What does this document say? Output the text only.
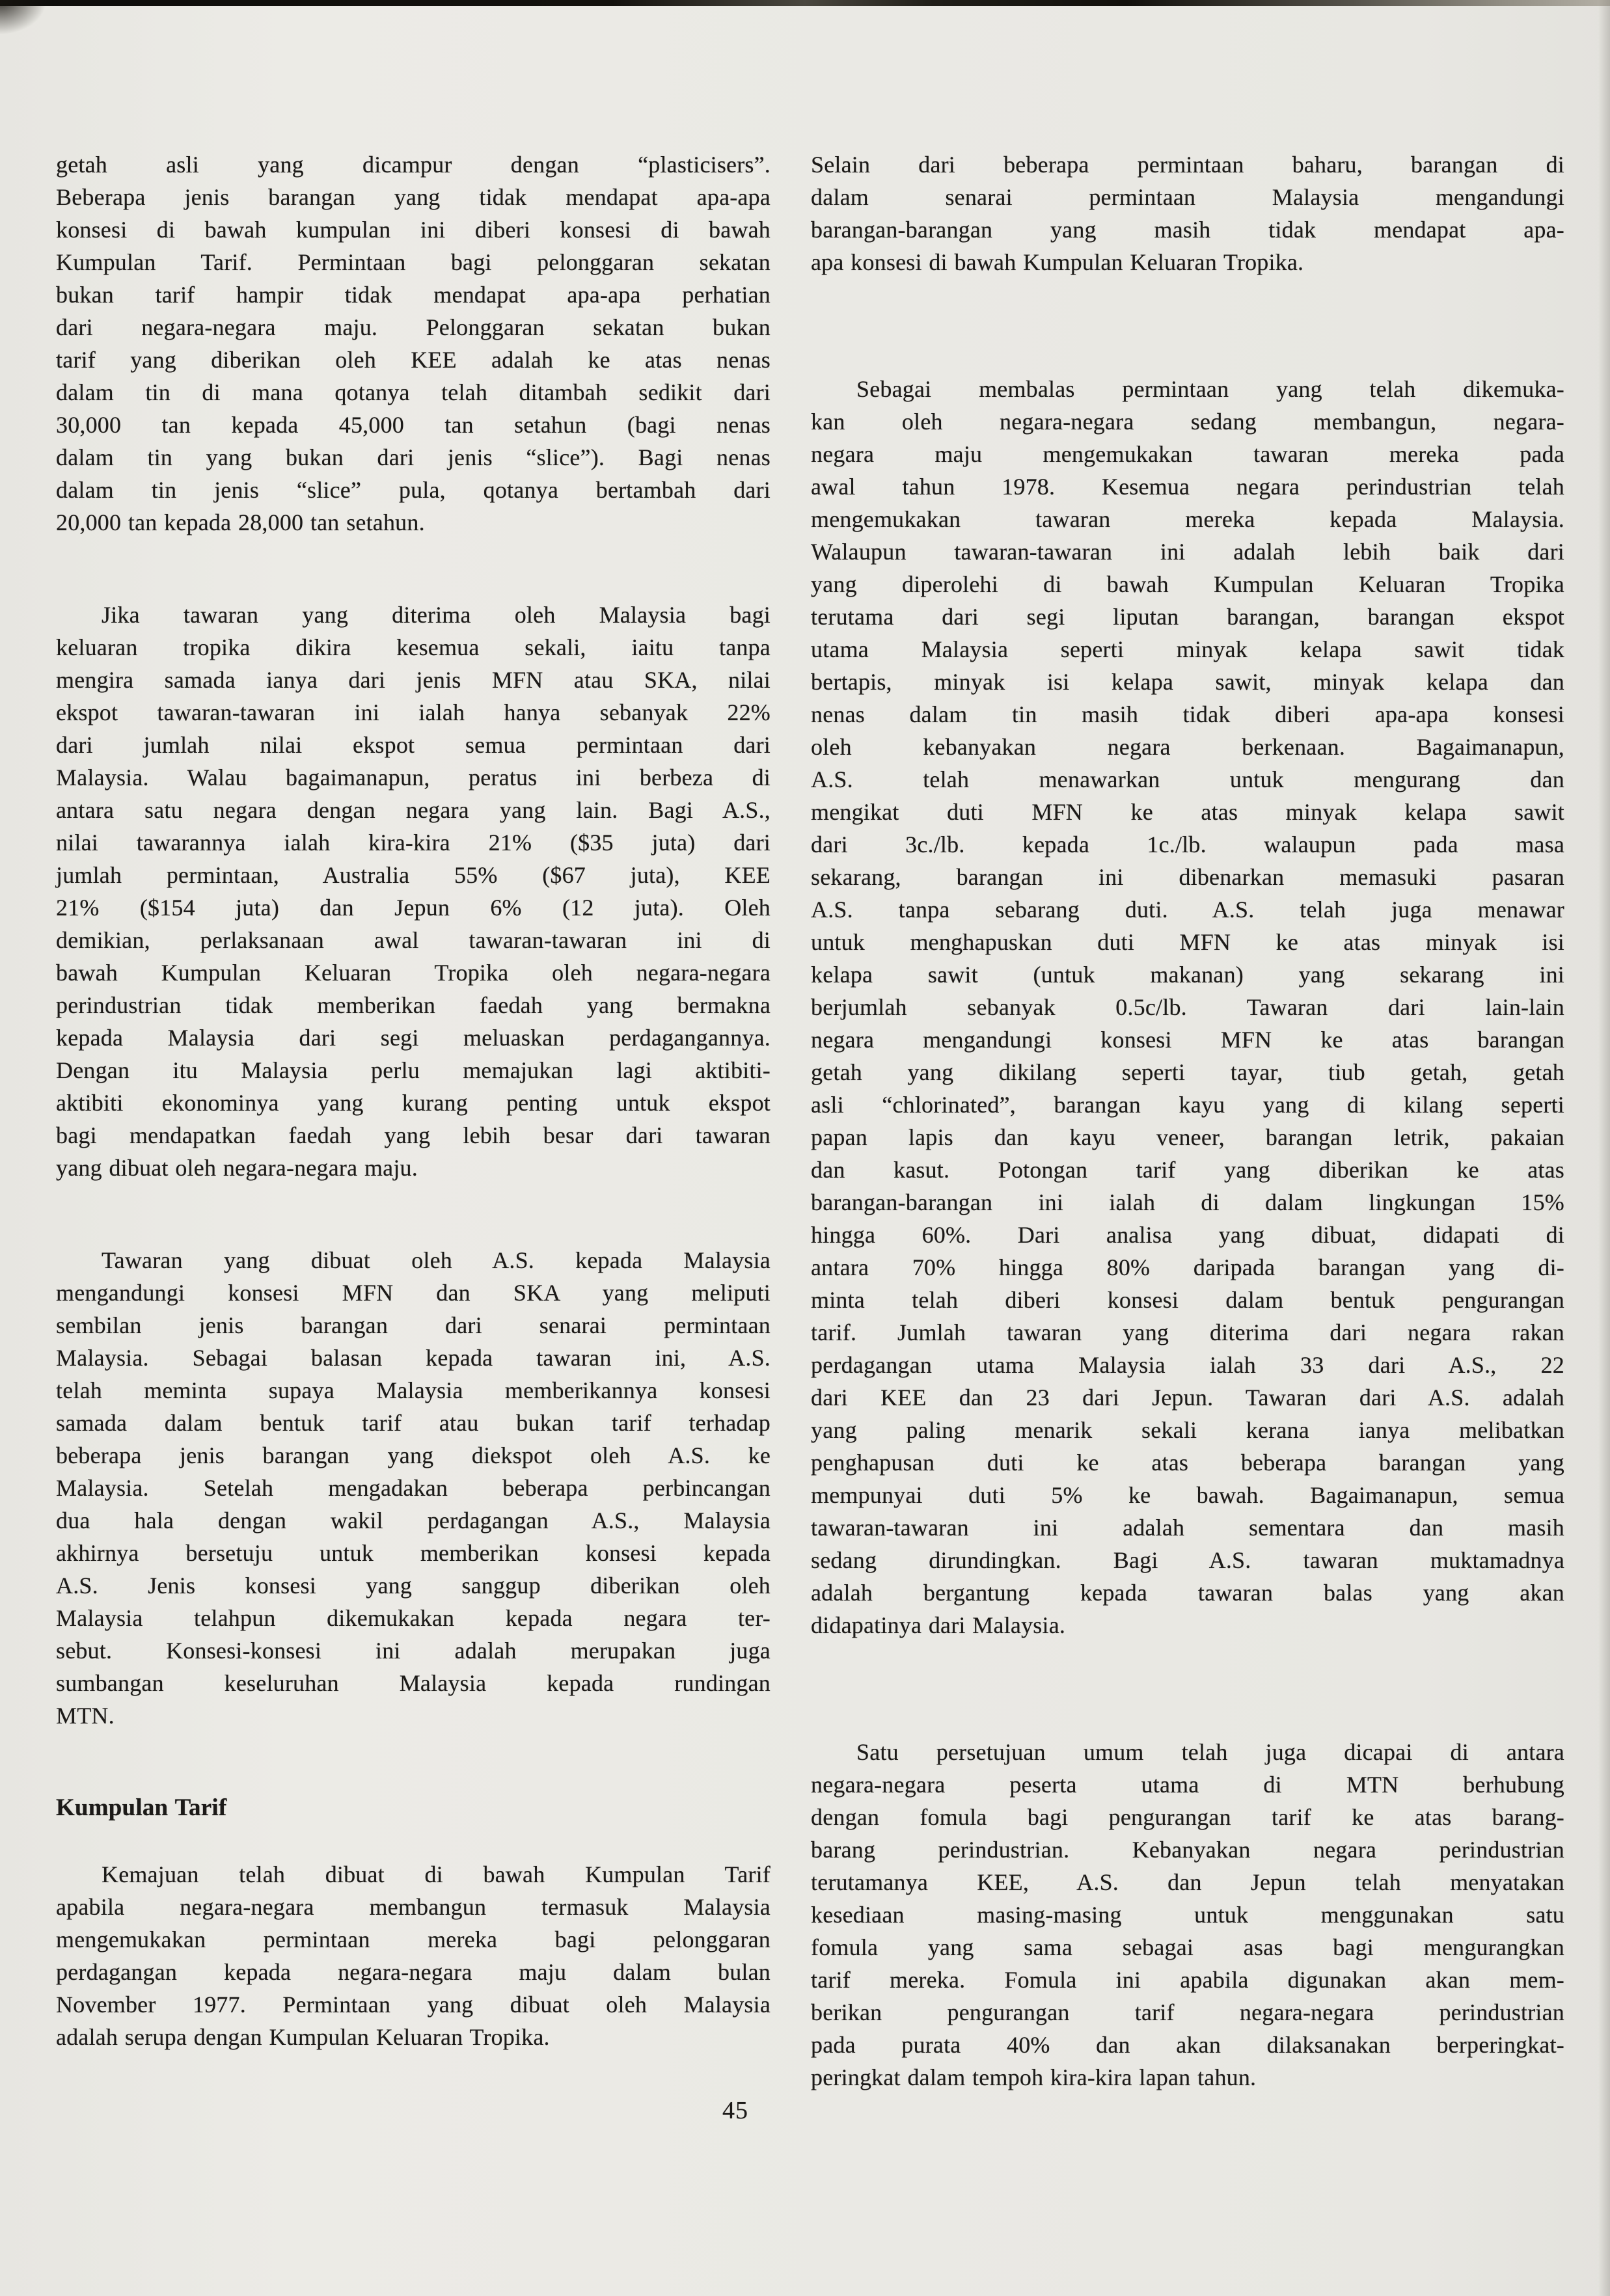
getah asli yang dicampur dengan “plasticisers”.
Beberapa jenis barangan yang tidak mendapat apa-apa
konsesi di bawah kumpulan ini diberi konsesi di bawah
Kumpulan Tarif. Permintaan bagi pelonggaran sekatan
bukan tarif hampir tidak mendapat apa-apa perhatian
dari negara-negara maju. Pelonggaran sekatan bukan
tarif yang diberikan oleh KEE adalah ke atas nenas
dalam tin di mana qotanya telah ditambah sedikit dari
30,000 tan kepada 45,000 tan setahun (bagi nenas
dalam tin yang bukan dari jenis “slice”). Bagi nenas
dalam tin jenis “slice” pula, qotanya bertambah dari
20,000 tan kepada 28,000 tan setahun.
Jika tawaran yang diterima oleh Malaysia bagi
keluaran tropika dikira kesemua sekali, iaitu tanpa
mengira samada ianya dari jenis MFN atau SKA, nilai
ekspot tawaran-tawaran ini ialah hanya sebanyak 22%
dari jumlah nilai ekspot semua permintaan dari
Malaysia. Walau bagaimanapun, peratus ini berbeza di
antara satu negara dengan negara yang lain. Bagi A.S.,
nilai tawarannya ialah kira-kira 21% ($35 juta) dari
jumlah permintaan, Australia 55% ($67 juta), KEE
21% ($154 juta) dan Jepun 6% (12 juta). Oleh
demikian, perlaksanaan awal tawaran-tawaran ini di
bawah Kumpulan Keluaran Tropika oleh negara-negara
perindustrian tidak memberikan faedah yang bermakna
kepada Malaysia dari segi meluaskan perdagangannya.
Dengan itu Malaysia perlu memajukan lagi aktibiti-
aktibiti ekonominya yang kurang penting untuk ekspot
bagi mendapatkan faedah yang lebih besar dari tawaran
yang dibuat oleh negara-negara maju.
Tawaran yang dibuat oleh A.S. kepada Malaysia
mengandungi konsesi MFN dan SKA yang meliputi
sembilan jenis barangan dari senarai permintaan
Malaysia. Sebagai balasan kepada tawaran ini, A.S.
telah meminta supaya Malaysia memberikannya konsesi
samada dalam bentuk tarif atau bukan tarif terhadap
beberapa jenis barangan yang diekspot oleh A.S. ke
Malaysia. Setelah mengadakan beberapa perbincangan
dua hala dengan wakil perdagangan A.S., Malaysia
akhirnya bersetuju untuk memberikan konsesi kepada
A.S. Jenis konsesi yang sanggup diberikan oleh
Malaysia telahpun dikemukakan kepada negara ter-
sebut. Konsesi-konsesi ini adalah merupakan juga
sumbangan keseluruhan Malaysia kepada rundingan
MTN.
Kumpulan Tarif
Kemajuan telah dibuat di bawah Kumpulan Tarif
apabila negara-negara membangun termasuk Malaysia
mengemukakan permintaan mereka bagi pelonggaran
perdagangan kepada negara-negara maju dalam bulan
November 1977. Permintaan yang dibuat oleh Malaysia
adalah serupa dengan Kumpulan Keluaran Tropika.
Selain dari beberapa permintaan baharu, barangan di
dalam senarai permintaan Malaysia mengandungi
barangan-barangan yang masih tidak mendapat apa-
apa konsesi di bawah Kumpulan Keluaran Tropika.
Sebagai membalas permintaan yang telah dikemuka-
kan oleh negara-negara sedang membangun, negara-
negara maju mengemukakan tawaran mereka pada
awal tahun 1978. Kesemua negara perindustrian telah
mengemukakan tawaran mereka kepada Malaysia.
Walaupun tawaran-tawaran ini adalah lebih baik dari
yang diperolehi di bawah Kumpulan Keluaran Tropika
terutama dari segi liputan barangan, barangan ekspot
utama Malaysia seperti minyak kelapa sawit tidak
bertapis, minyak isi kelapa sawit, minyak kelapa dan
nenas dalam tin masih tidak diberi apa-apa konsesi
oleh kebanyakan negara berkenaan. Bagaimanapun,
A.S. telah menawarkan untuk mengurang dan
mengikat duti MFN ke atas minyak kelapa sawit
dari 3c./lb. kepada 1c./lb. walaupun pada masa
sekarang, barangan ini dibenarkan memasuki pasaran
A.S. tanpa sebarang duti. A.S. telah juga menawar
untuk menghapuskan duti MFN ke atas minyak isi
kelapa sawit (untuk makanan) yang sekarang ini
berjumlah sebanyak 0.5c/lb. Tawaran dari lain-lain
negara mengandungi konsesi MFN ke atas barangan
getah yang dikilang seperti tayar, tiub getah, getah
asli “chlorinated”, barangan kayu yang di kilang seperti
papan lapis dan kayu veneer, barangan letrik, pakaian
dan kasut. Potongan tarif yang diberikan ke atas
barangan-barangan ini ialah di dalam lingkungan 15%
hingga 60%. Dari analisa yang dibuat, didapati di
antara 70% hingga 80% daripada barangan yang di-
minta telah diberi konsesi dalam bentuk pengurangan
tarif. Jumlah tawaran yang diterima dari negara rakan
perdagangan utama Malaysia ialah 33 dari A.S., 22
dari KEE dan 23 dari Jepun. Tawaran dari A.S. adalah
yang paling menarik sekali kerana ianya melibatkan
penghapusan duti ke atas beberapa barangan yang
mempunyai duti 5% ke bawah. Bagaimanapun, semua
tawaran-tawaran ini adalah sementara dan masih
sedang dirundingkan. Bagi A.S. tawaran muktamadnya
adalah bergantung kepada tawaran balas yang akan
didapatinya dari Malaysia.
Satu persetujuan umum telah juga dicapai di antara
negara-negara peserta utama di MTN berhubung
dengan fomula bagi pengurangan tarif ke atas barang-
barang perindustrian. Kebanyakan negara perindustrian
terutamanya KEE, A.S. dan Jepun telah menyatakan
kesediaan masing-masing untuk menggunakan satu
fomula yang sama sebagai asas bagi mengurangkan
tarif mereka. Fomula ini apabila digunakan akan mem-
berikan pengurangan tarif negara-negara perindustrian
pada purata 40% dan akan dilaksanakan berperingkat-
peringkat dalam tempoh kira-kira lapan tahun.
45
